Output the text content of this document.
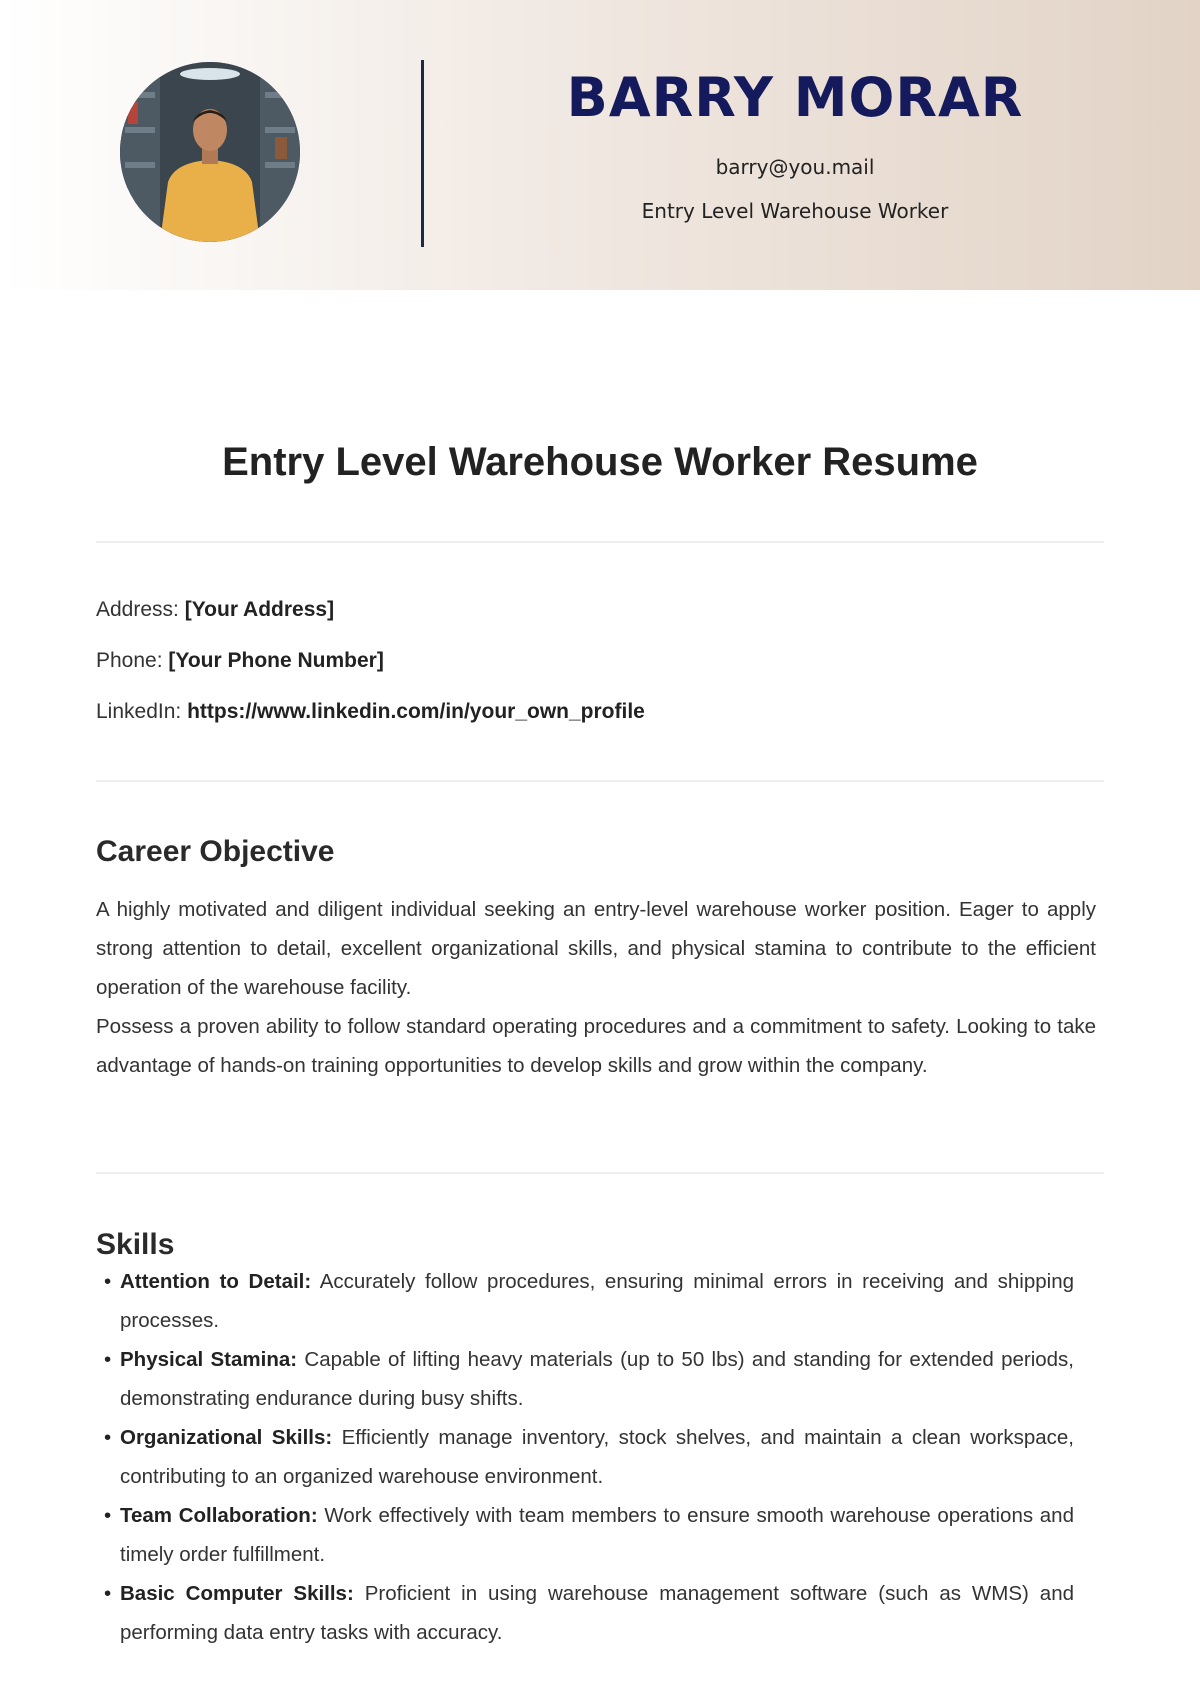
BARRY MORAR
barry@you.mail
Entry Level Warehouse Worker
Entry Level Warehouse Worker Resume
Address: [Your Address]
Phone: [Your Phone Number]
LinkedIn: https://www.linkedin.com/in/your_own_profile
Career Objective
A highly motivated and diligent individual seeking an entry-level warehouse worker position. Eager to apply strong attention to detail, excellent organizational skills, and physical stamina to contribute to the efficient operation of the warehouse facility.
Possess a proven ability to follow standard operating procedures and a commitment to safety. Looking to take advantage of hands-on training opportunities to develop skills and grow within the company.
Skills
• Attention to Detail: Accurately follow procedures, ensuring minimal errors in receiving and shipping processes.
• Physical Stamina: Capable of lifting heavy materials (up to 50 lbs) and standing for extended periods, demonstrating endurance during busy shifts.
• Organizational Skills: Efficiently manage inventory, stock shelves, and maintain a clean workspace, contributing to an organized warehouse environment.
• Team Collaboration: Work effectively with team members to ensure smooth warehouse operations and timely order fulfillment.
• Basic Computer Skills: Proficient in using warehouse management software (such as WMS) and performing data entry tasks with accuracy.
